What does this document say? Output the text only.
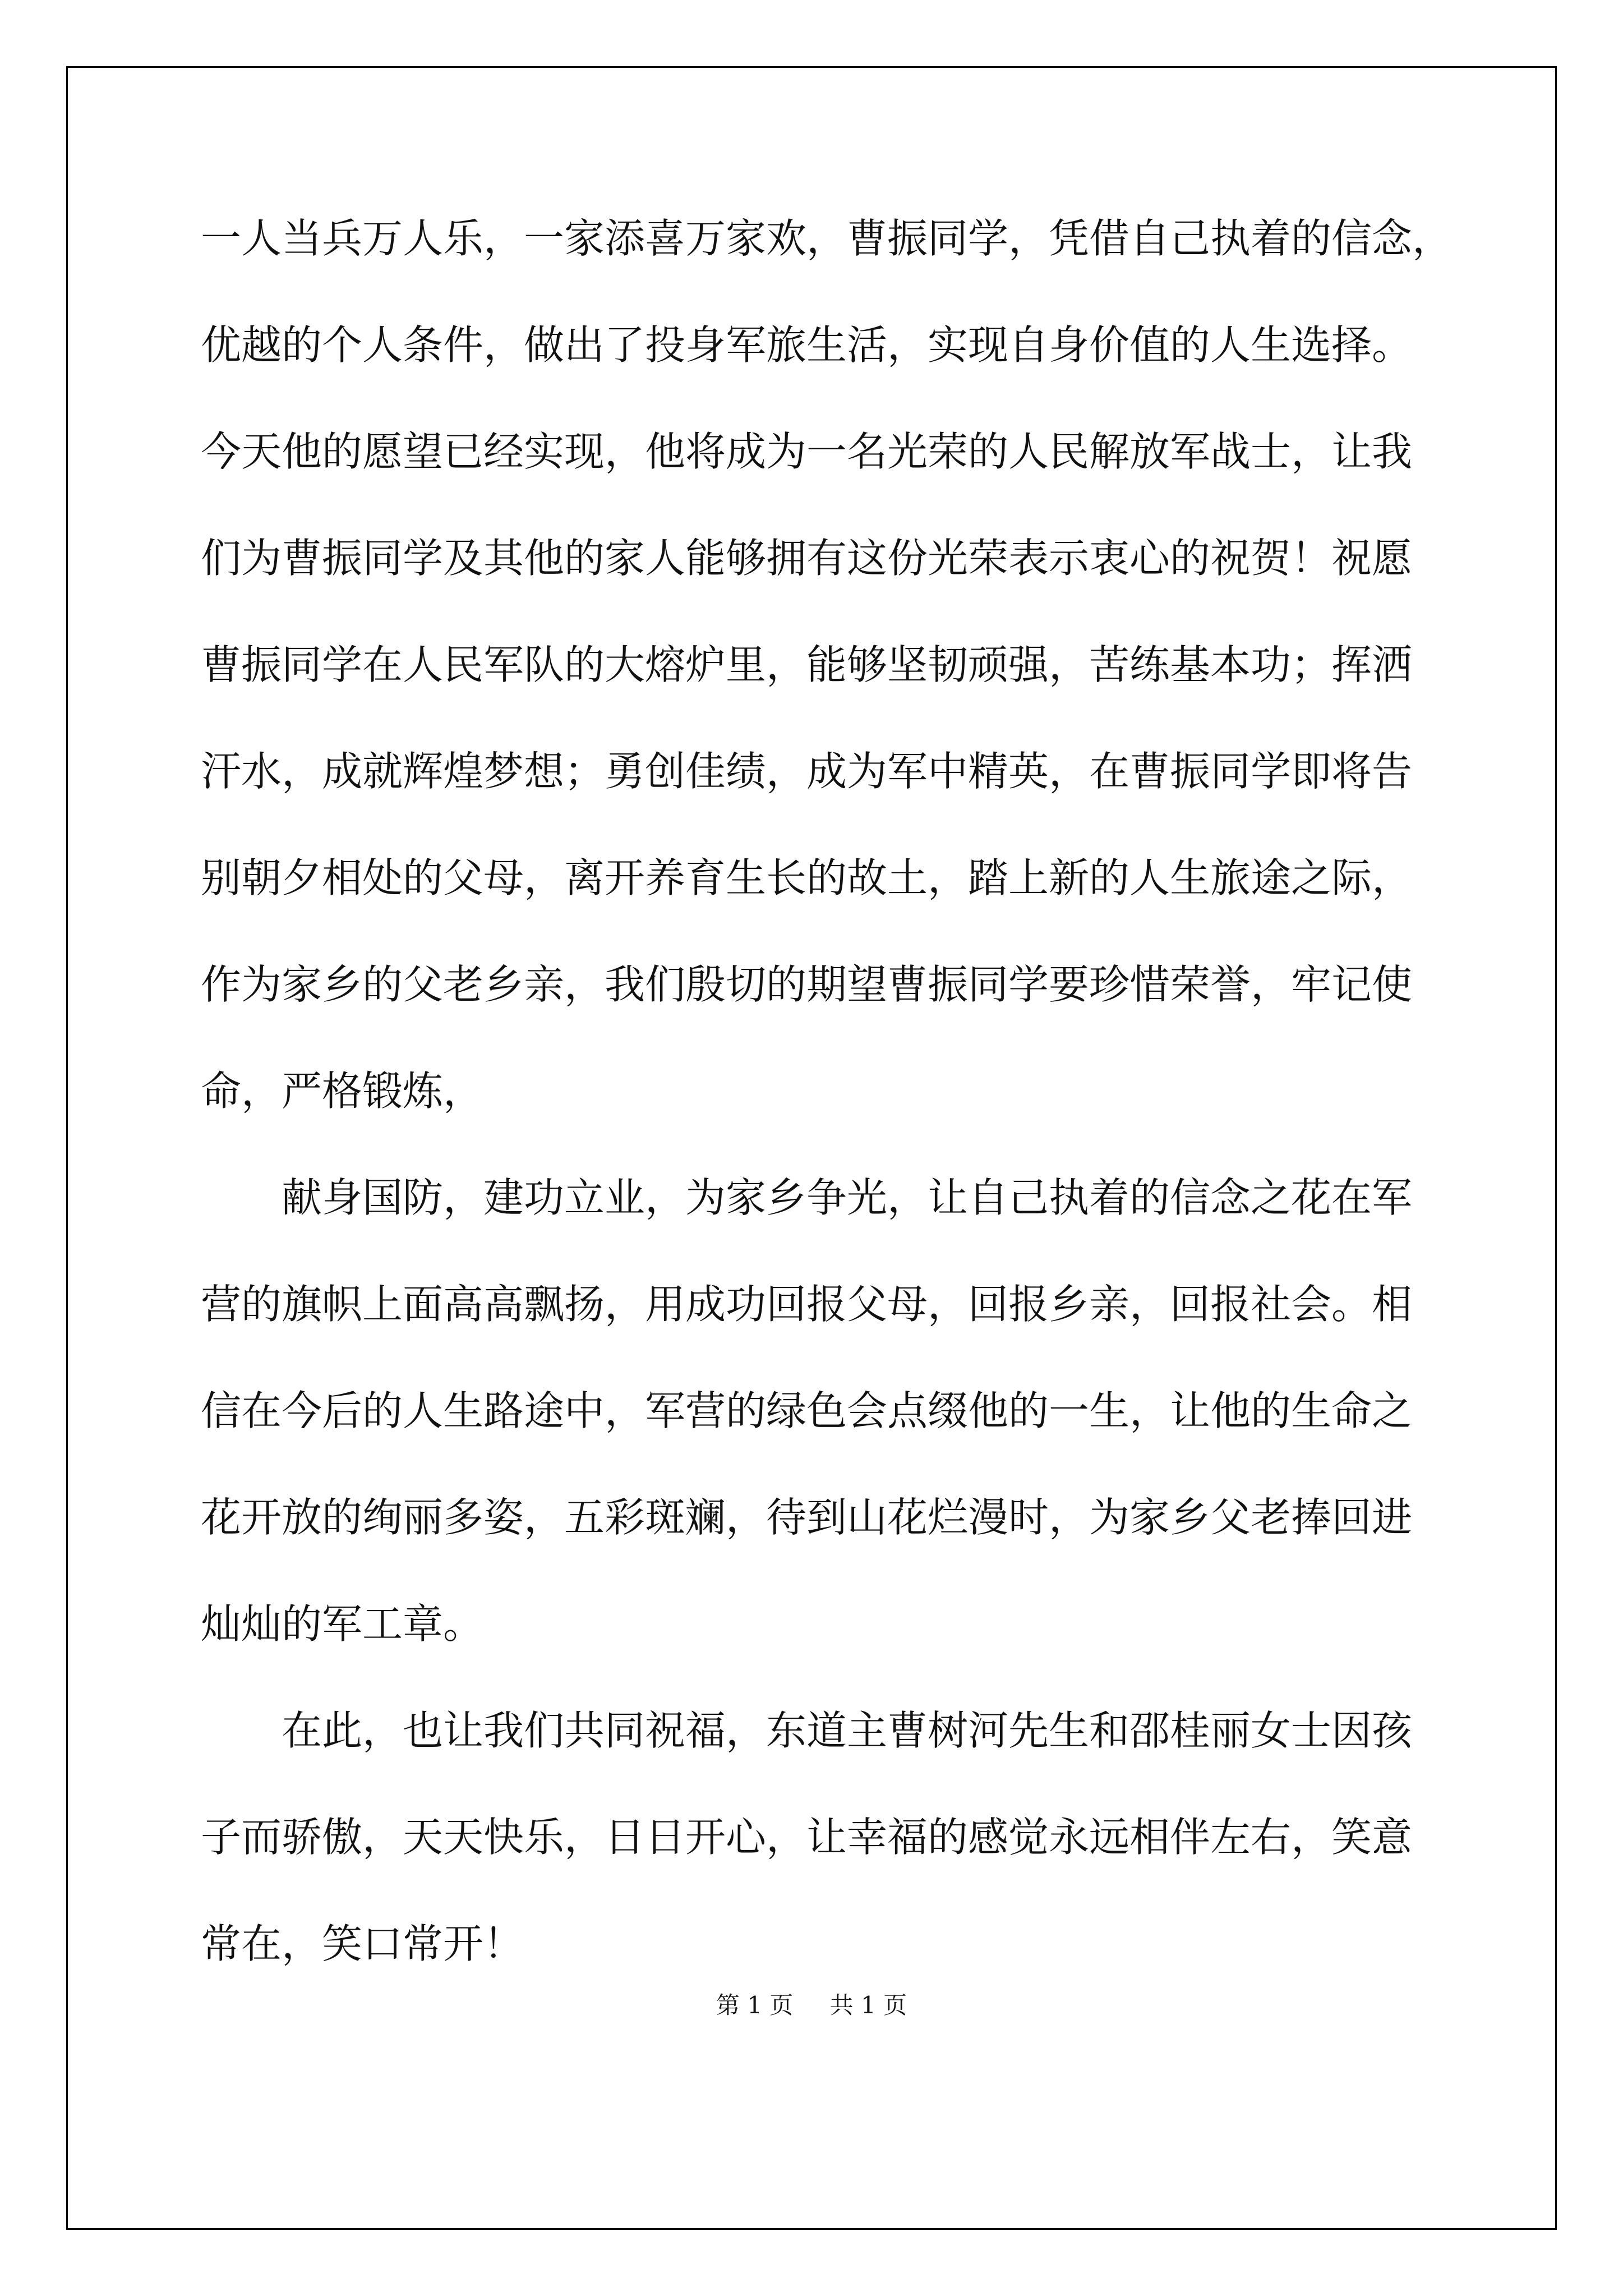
一人当兵万人乐，一家添喜万家欢，曹振同学，凭借自己执着的信念，
优越的个人条件，做出了投身军旅生活，实现自身价值的人生选择。
今天他的愿望已经实现，他将成为一名光荣的人民解放军战士，让我
们为曹振同学及其他的家人能够拥有这份光荣表示衷心的祝贺！祝愿
曹振同学在人民军队的大熔炉里，能够坚韧顽强，苦练基本功；挥洒
汗水，成就辉煌梦想；勇创佳绩，成为军中精英，在曹振同学即将告
别朝夕相处的父母，离开养育生长的故土，踏上新的人生旅途之际，
作为家乡的父老乡亲，我们殷切的期望曹振同学要珍惜荣誉，牢记使
命，严格锻炼，
献身国防，建功立业，为家乡争光，让自己执着的信念之花在军
营的旗帜上面高高飘扬，用成功回报父母，回报乡亲，回报社会。相
信在今后的人生路途中，军营的绿色会点缀他的一生，让他的生命之
花开放的绚丽多姿，五彩斑斓，待到山花烂漫时，为家乡父老捧回进
灿灿的军工章。
在此，也让我们共同祝福，东道主曹树河先生和邵桂丽女士因孩
子而骄傲，天天快乐，日日开心，让幸福的感觉永远相伴左右，笑意
常在，笑口常开！
第 1 页 共 1 页
